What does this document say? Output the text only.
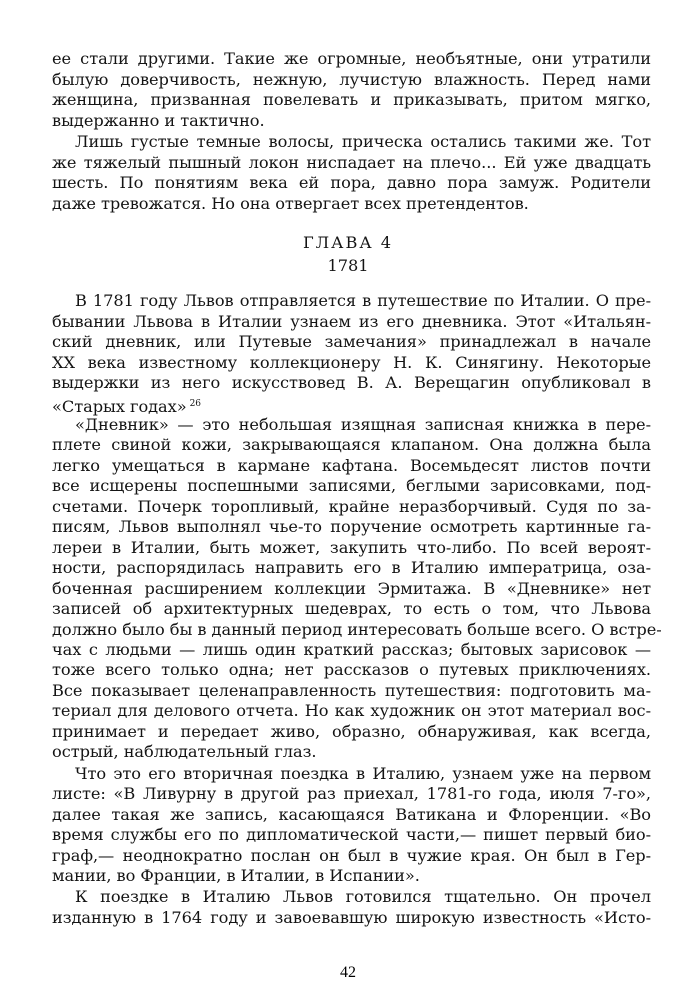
ее стали другими. Такие же огромные, необъятные, они утратили
былую доверчивость, нежную, лучистую влажность. Перед нами
женщина, призванная повелевать и приказывать, притом мягко,
выдержанно и тактично.
Лишь густые темные волосы, прическа остались такими же. Тот
же тяжелый пышный локон ниспадает на плечо... Ей уже двадцать
шесть. По понятиям века ей пора, давно пора замуж. Родители
даже тревожатся. Но она отвергает всех претендентов.
ГЛАВА 4
1781
В 1781 году Львов отправляется в путешествие по Италии. О пре-
бывании Львова в Италии узнаем из его дневника. Этот «Итальян-
ский дневник, или Путевые замечания» принадлежал в начале
XX века известному коллекционеру Н. К. Синягину. Некоторые
выдержки из него искусствовед В. А. Верещагин опубликовал в
«Старых годах» $^{26}$
«Дневник» — это небольшая изящная записная книжка в пере-
плете свиной кожи, закрывающаяся клапаном. Она должна была
легко умещаться в кармане кафтана. Восемьдесят листов почти
все исщерены поспешными записями, беглыми зарисовками, под-
счетами. Почерк торопливый, крайне неразборчивый. Судя по за-
писям, Львов выполнял чье-то поручение осмотреть картинные га-
лереи в Италии, быть может, закупить что-либо. По всей вероят-
ности, распорядилась направить его в Италию императрица, оза-
боченная расширением коллекции Эрмитажа. В «Дневнике» нет
записей об архитектурных шедеврах, то есть о том, что Львова
должно было бы в данный период интересовать больше всего. О встре-
чах с людьми — лишь один краткий рассказ; бытовых зарисовок —
тоже всего только одна; нет рассказов о путевых приключениях.
Все показывает целенаправленность путешествия: подготовить ма-
териал для делового отчета. Но как художник он этот материал вос-
принимает и передает живо, образно, обнаруживая, как всегда,
острый, наблюдательный глаз.
Что это его вторичная поездка в Италию, узнаем уже на первом
листе: «В Ливурну в другой раз приехал, 1781-го года, июля 7-го»,
далее такая же запись, касающаяся Ватикана и Флоренции. «Во
время службы его по дипломатической части,— пишет первый био-
граф,— неоднократно послан он был в чужие края. Он был в Гер-
мании, во Франции, в Италии, в Испании».
К поездке в Италию Львов готовился тщательно. Он прочел
изданную в 1764 году и завоевавшую широкую известность «Исто-
42
